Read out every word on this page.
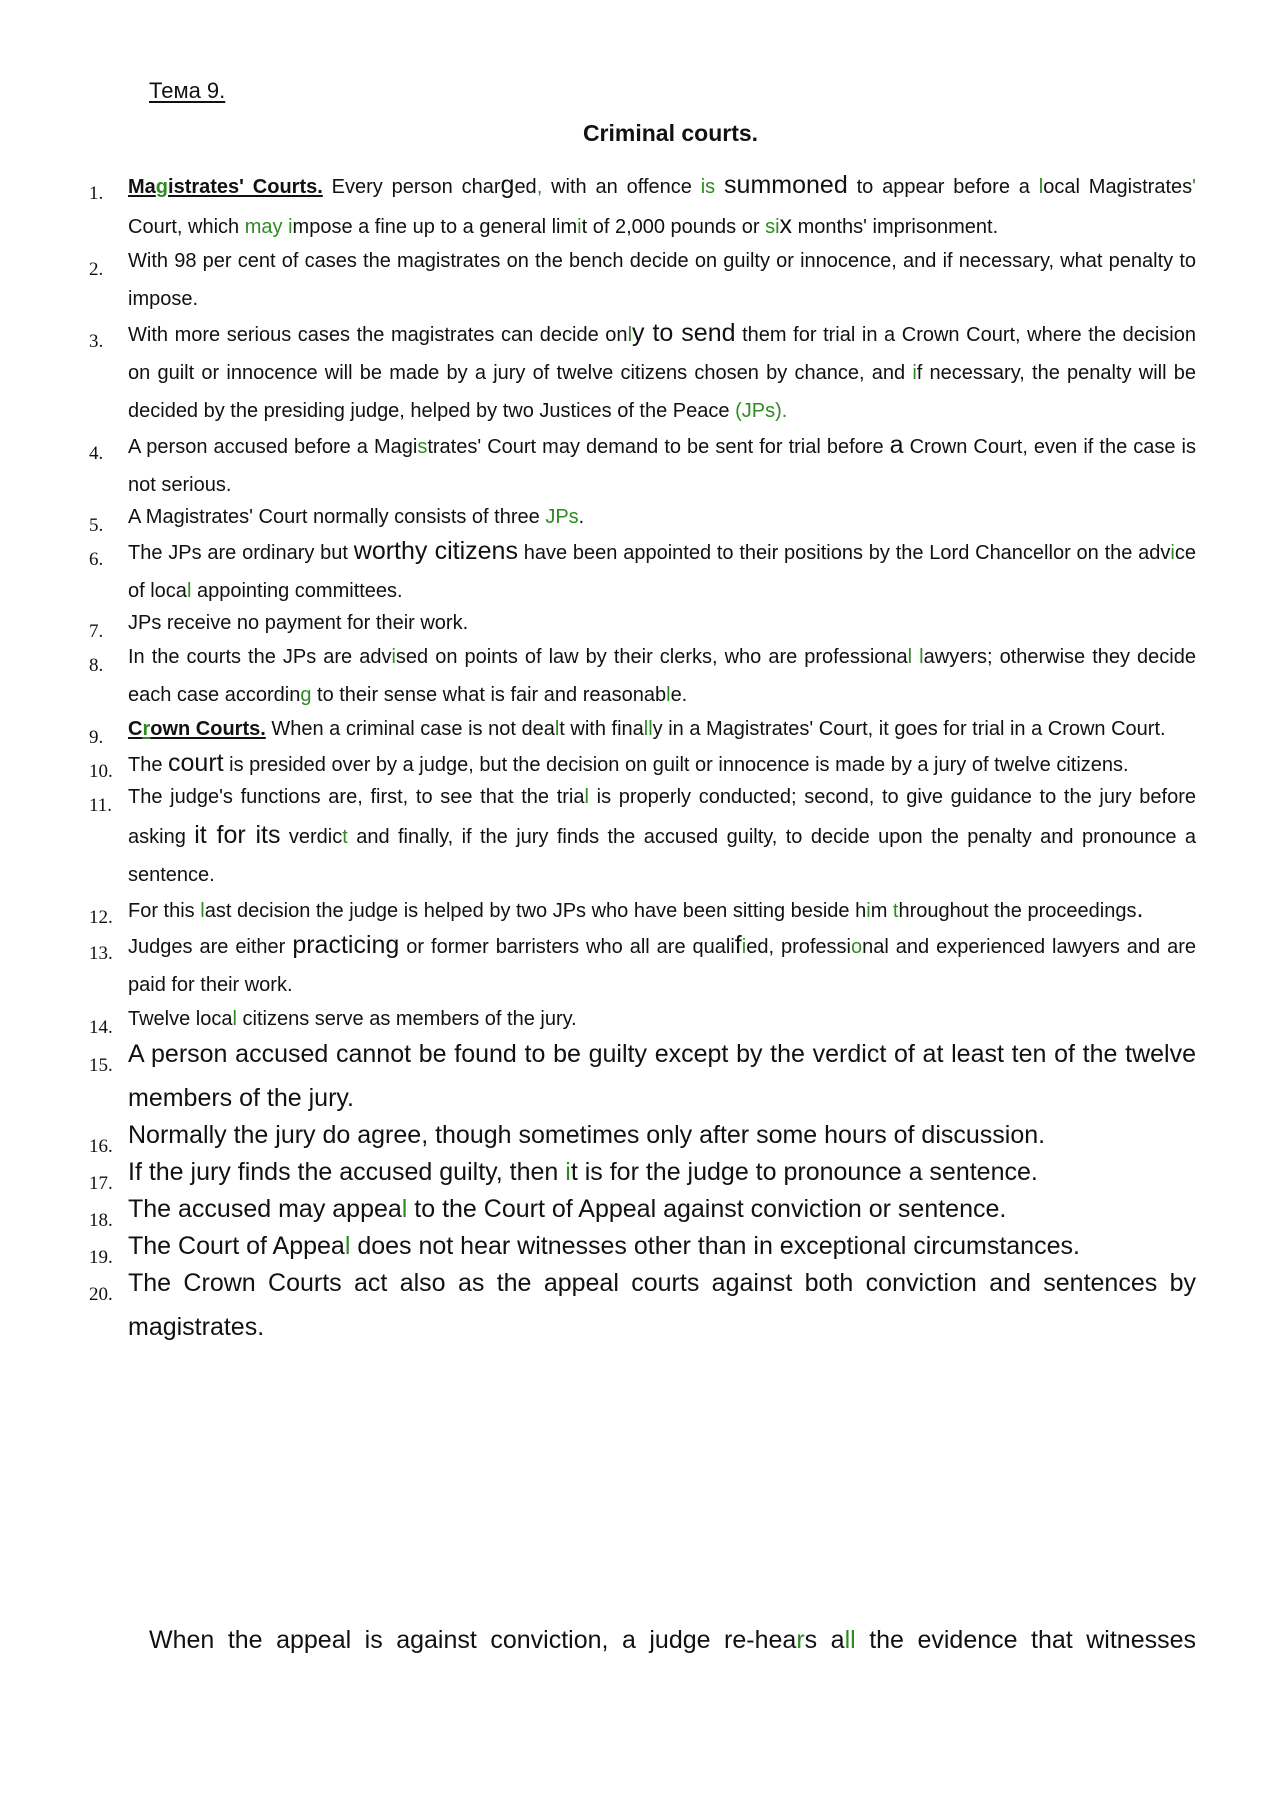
Тема 9.
Criminal courts.
1.	Magistrates' Courts. Every person charged, with an offence is summoned to appear before a local Magistrates' Court, which may impose a fine up to a general limit of 2,000 pounds or six months' imprisonment.
2.	With 98 per cent of cases the magistrates on the bench decide on guilty or innocence, and if necessary, what penalty to impose.
3.	With more serious cases the magistrates can decide only to send them for trial in a Crown Court, where the decision on guilt or innocence will be made by a jury of twelve citizens chosen by chance, and if necessary, the penalty will be decided by the presiding judge, helped by two Justices of the Peace (JPs).
4.	A person accused before a Magistrates' Court may demand to be sent for trial before a Crown Court, even if the case is not serious.
5.	A Magistrates' Court normally consists of three JPs.
6.	The JPs are ordinary but worthy citizens have been appointed to their positions by the Lord Chancellor on the advice of local appointing committees.
7.	JPs receive no payment for their work.
8.	In the courts the JPs are advised on points of law by their clerks, who are professional lawyers; otherwise they decide each case according to their sense what is fair and reasonable.
9.	Crown Courts. When a criminal case is not dealt with finally in a Magistrates' Court, it goes for trial in a Crown Court.
10. The court is presided over by a judge, but the decision on guilt or innocence is made by a jury of twelve citizens.
11. The judge's functions are, first, to see that the trial is properly conducted; second, to give guidance to the jury before asking it for its verdict and finally, if the jury finds the accused guilty, to decide upon the penalty and pronounce a sentence.
12. For this last decision the judge is helped by two JPs who have been sitting beside him throughout the proceedings.
13. Judges are either practicing or former barristers who all are qualified, professional and experienced lawyers and are paid for their work.
14. Twelve local citizens serve as members of the jury.
15. A person accused cannot be found to be guilty except by the verdict of at least ten of the twelve members of the jury.
16. Normally the jury do agree, though sometimes only after some hours of discussion.
17. If the jury finds the accused guilty, then it is for the judge to pronounce a sentence.
18. The accused may appeal to the Court of Appeal against conviction or sentence.
19. The Court of Appeal does not hear witnesses other than in exceptional circumstances.
20. The Crown Courts act also as the appeal courts against both conviction and sentences by magistrates.
When the appeal is against conviction, a judge re-hears all the evidence that witnesses
